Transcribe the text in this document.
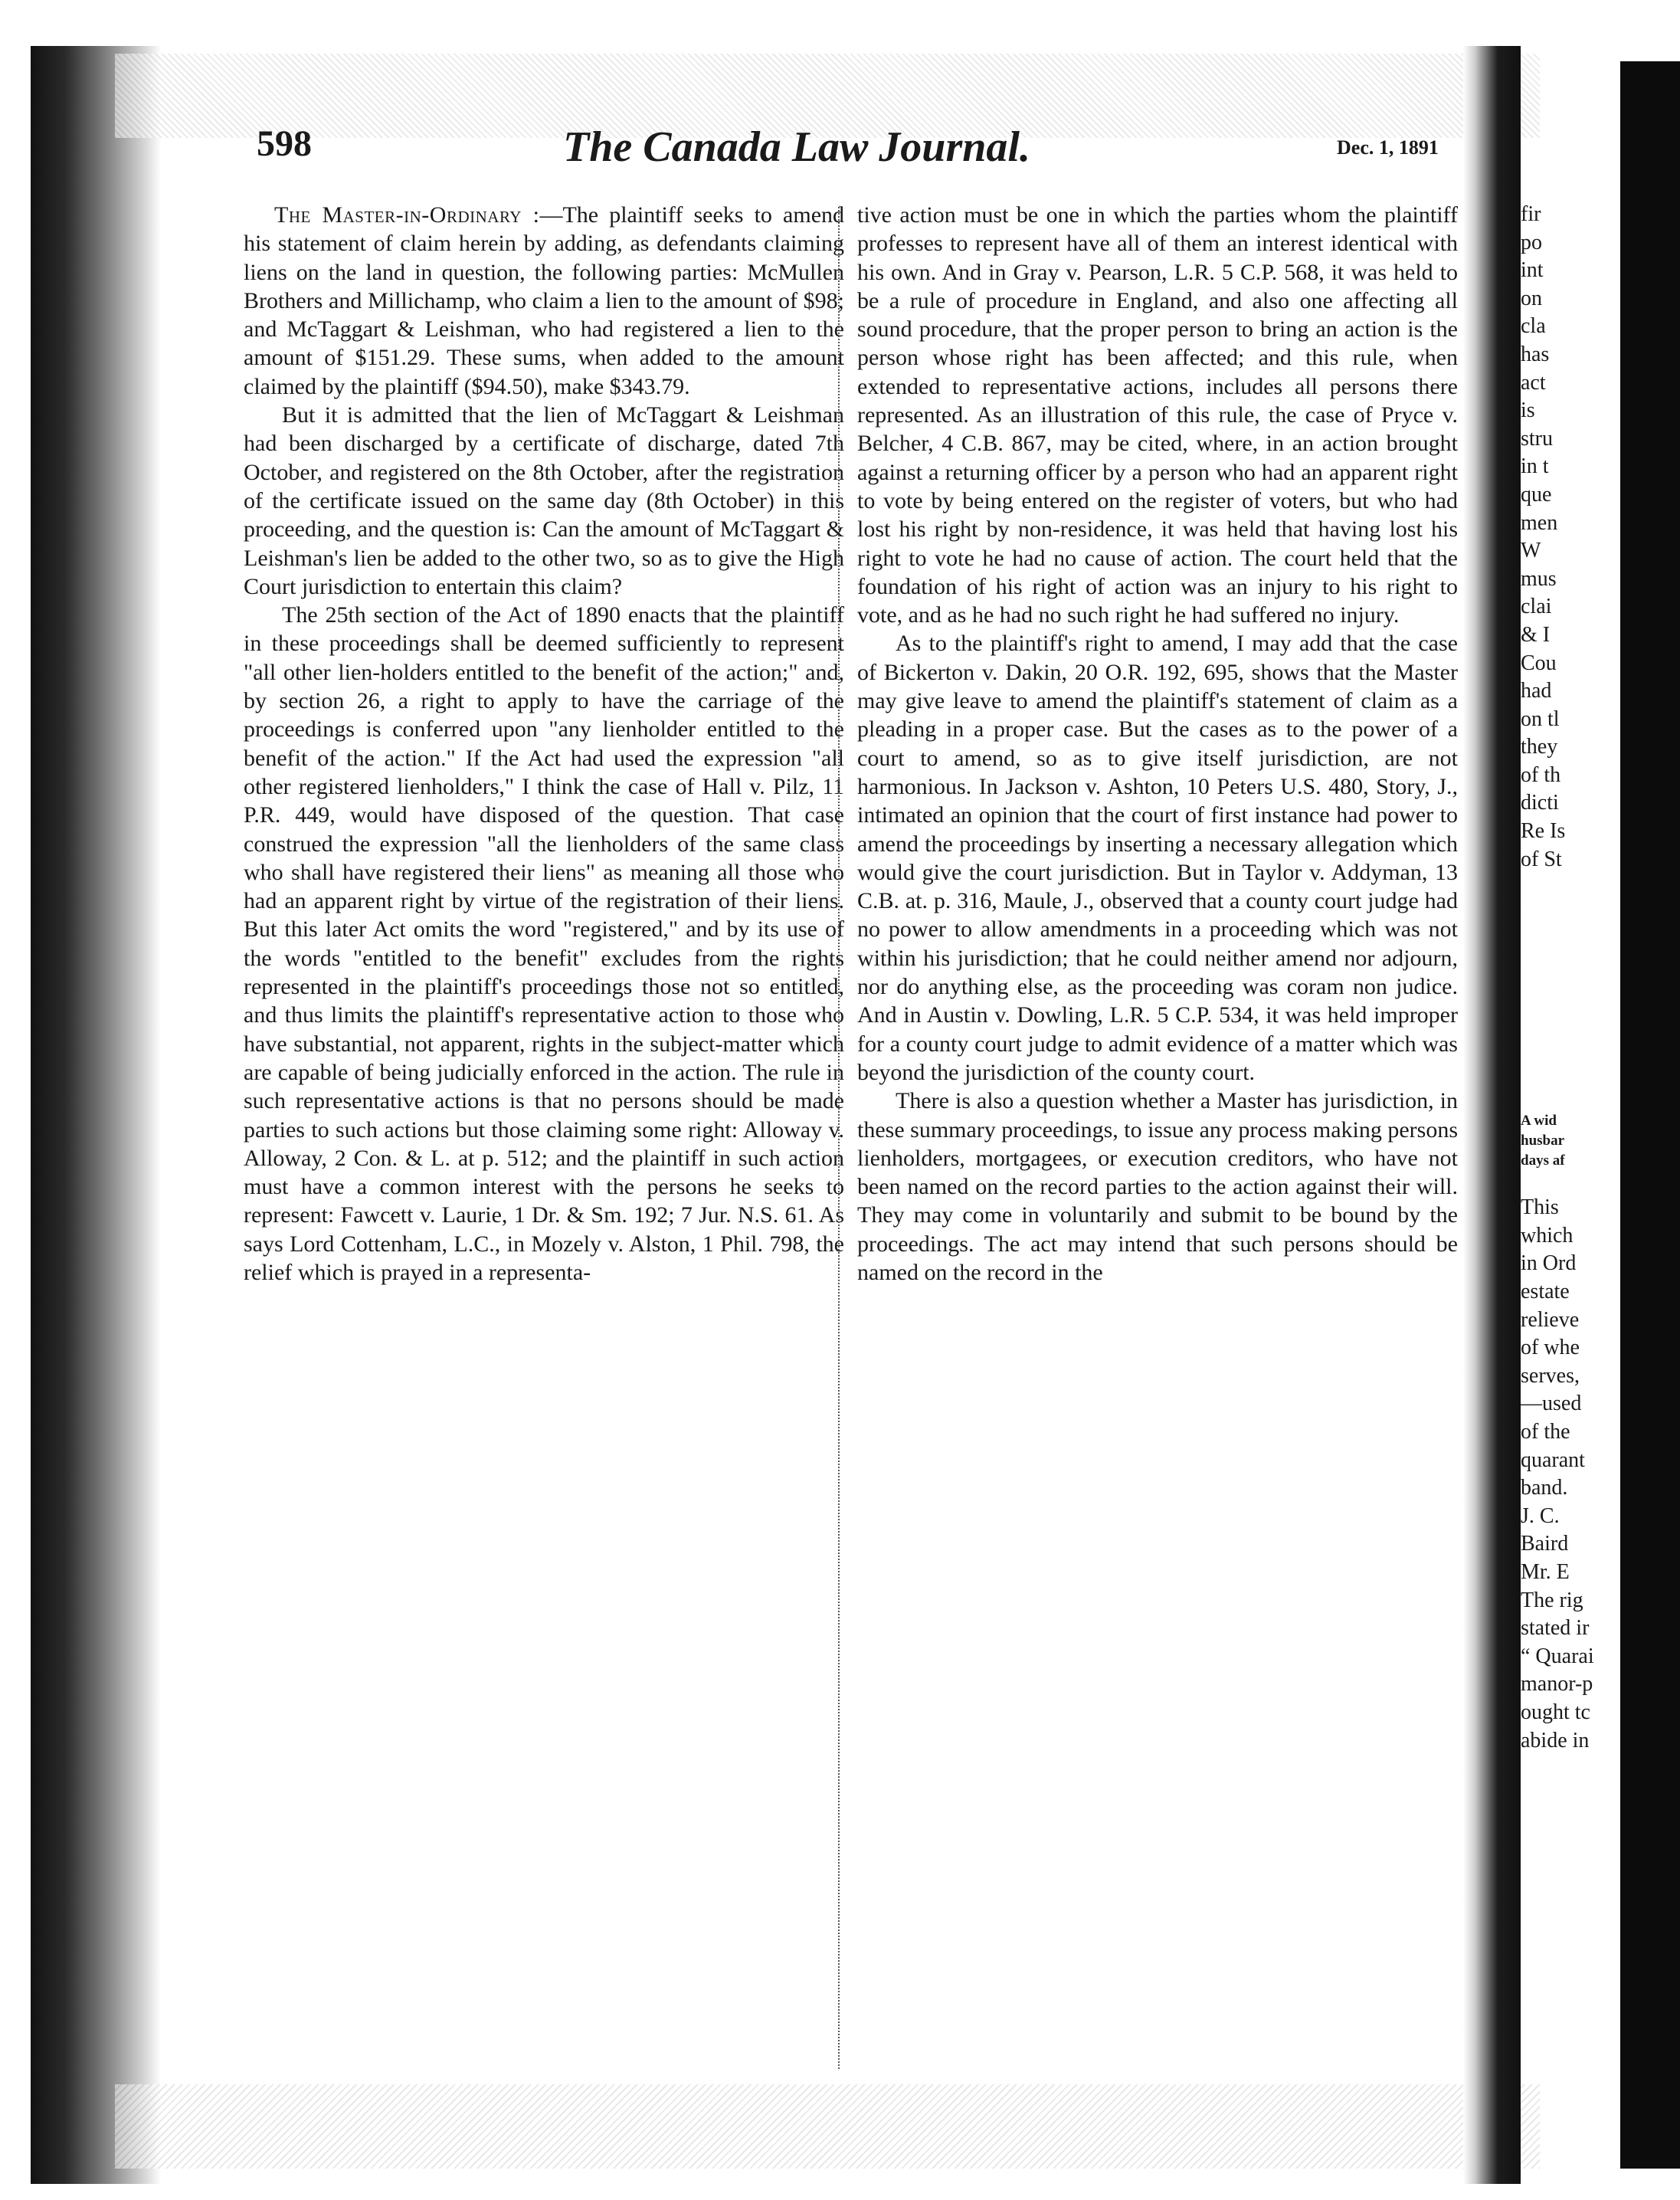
598	The Canada Law Journal.	Dec. 1, 1891

The Master-in-Ordinary :—The plaintiff seeks to amend his statement of claim herein by adding, as defendants claiming liens on the land in question, the following parties: McMullen Brothers and Millichamp, who claim a lien to the amount of $98; and McTaggart & Leishman, who had registered a lien to the amount of $151.29. These sums, when added to the amount claimed by the plaintiff ($94.50), make $343.79.

But it is admitted that the lien of McTaggart & Leishman had been discharged by a certificate of discharge, dated 7th October, and registered on the 8th October, after the registration of the certificate issued on the same day (8th October) in this proceeding, and the question is: Can the amount of McTaggart & Leishman's lien be added to the other two, so as to give the High Court jurisdiction to entertain this claim?

The 25th section of the Act of 1890 enacts that the plaintiff in these proceedings shall be deemed sufficiently to represent "all other lien-holders entitled to the benefit of the action;" and, by section 26, a right to apply to have the carriage of the proceedings is conferred upon "any lienholder entitled to the benefit of the action." If the Act had used the expression "all other registered lienholders," I think the case of Hall v. Pilz, 11 P.R. 449, would have disposed of the question. That case construed the expression "all the lienholders of the same class who shall have registered their liens" as meaning all those who had an apparent right by virtue of the registration of their liens. But this later Act omits the word "registered," and by its use of the words "entitled to the benefit" excludes from the rights represented in the plaintiff's proceedings those not so entitled, and thus limits the plaintiff's representative action to those who have substantial, not apparent, rights in the subject-matter which are capable of being judicially enforced in the action. The rule in such representative actions is that no persons should be made parties to such actions but those claiming some right: Alloway v. Alloway, 2 Con. & L. at p. 512; and the plaintiff in such action must have a common interest with the persons he seeks to represent: Fawcett v. Laurie, 1 Dr. & Sm. 192; 7 Jur. N.S. 61. As says Lord Cottenham, L.C., in Mozely v. Alston, 1 Phil. 798, the relief which is prayed in a representa-

tive action must be one in which the parties whom the plaintiff professes to represent have all of them an interest identical with his own. And in Gray v. Pearson, L.R. 5 C.P. 568, it was held to be a rule of procedure in England, and also one affecting all sound procedure, that the proper person to bring an action is the person whose right has been affected; and this rule, when extended to representative actions, includes all persons there represented. As an illustration of this rule, the case of Pryce v. Belcher, 4 C.B. 867, may be cited, where, in an action brought against a returning officer by a person who had an apparent right to vote by being entered on the register of voters, but who had lost his right by non-residence, it was held that having lost his right to vote he had no cause of action. The court held that the foundation of his right of action was an injury to his right to vote, and as he had no such right he had suffered no injury.

As to the plaintiff's right to amend, I may add that the case of Bickerton v. Dakin, 20 O.R. 192, 695, shows that the Master may give leave to amend the plaintiff's statement of claim as a pleading in a proper case. But the cases as to the power of a court to amend, so as to give itself jurisdiction, are not harmonious. In Jackson v. Ashton, 10 Peters U.S. 480, Story, J., intimated an opinion that the court of first instance had power to amend the proceedings by inserting a necessary allegation which would give the court jurisdiction. But in Taylor v. Addyman, 13 C.B. at. p. 316, Maule, J., observed that a county court judge had no power to allow amendments in a proceeding which was not within his jurisdiction; that he could neither amend nor adjourn, nor do anything else, as the proceeding was coram non judice. And in Austin v. Dowling, L.R. 5 C.P. 534, it was held improper for a county court judge to admit evidence of a matter which was beyond the jurisdiction of the county court.

There is also a question whether a Master has jurisdiction, in these summary proceedings, to issue any process making persons lienholders, mortgagees, or execution creditors, who have not been named on the record parties to the action against their will. They may come in voluntarily and submit to be bound by the proceedings. The act may intend that such persons should be named on the record in the

fir
po
int
on
cla
has
act
is
stru
in t
que
men
W
mus
clai
& I
Cou
had
on tl
they
of th
dicti
Re Is
of St
A wid
husbar
days af
This
which
in Ord
estate
relieve
of whe
serves,
—used
of the
quarant
band.
J. C.
Baird
Mr. E
The rig
stated ir
“ Quarai
manor-p
ought tc
abide in
